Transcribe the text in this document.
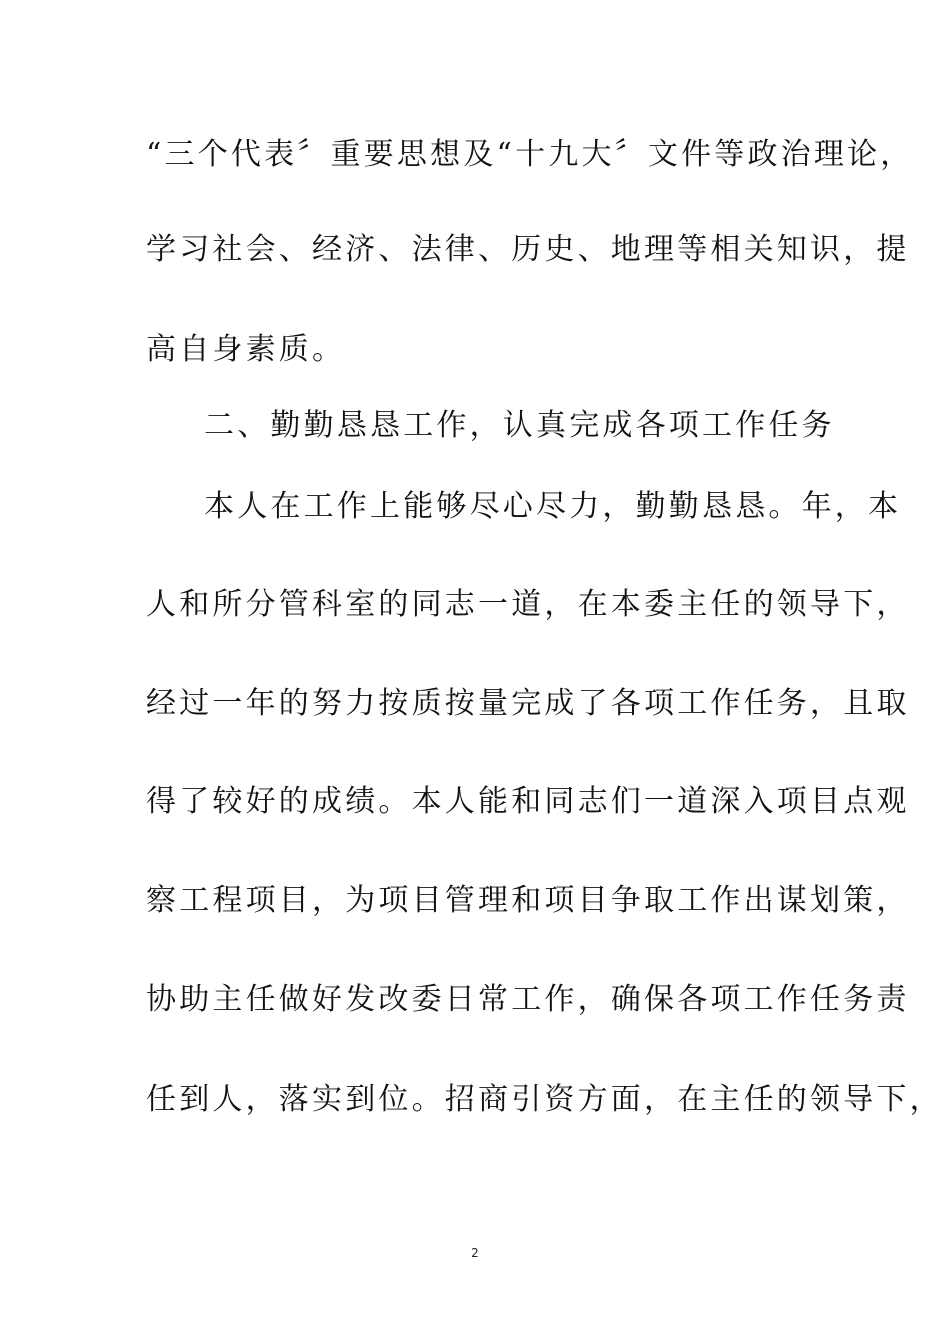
“三个代表〞重要思想及“十九大〞文件等政治理论，
学习社会、经济、法律、历史、地理等相关知识，提
高自身素质。
二、勤勤恳恳工作，认真完成各项工作任务
本人在工作上能够尽心尽力，勤勤恳恳。年，本
人和所分管科室的同志一道，在本委主任的领导下，
经过一年的努力按质按量完成了各项工作任务，且取
得了较好的成绩。本人能和同志们一道深入项目点观
察工程项目，为项目管理和项目争取工作出谋划策，
协助主任做好发改委日常工作，确保各项工作任务责
任到人，落实到位。招商引资方面，在主任的领导下，
2
